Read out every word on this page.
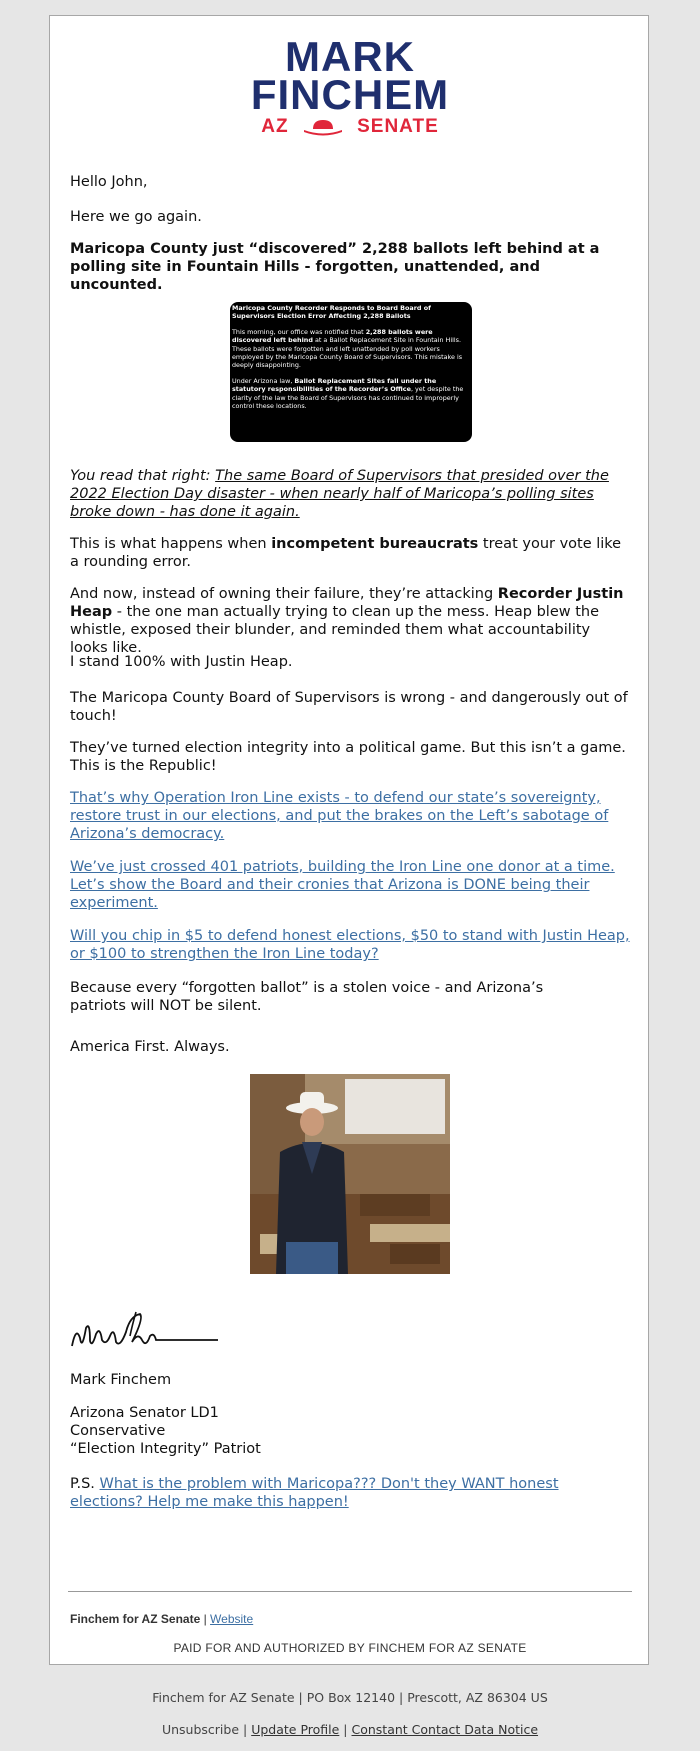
MARK
FINCHEM
AZ	SENATE

Hello John,

Here we go again.

Maricopa County just “discovered” 2,288 ballots left behind at a polling site in Fountain Hills - forgotten, unattended, and uncounted.

Maricopa County Recorder Responds to Board Board of Supervisors Election Error Affecting 2,288 Ballots

This morning, our office was notified that 2,288 ballots were discovered left behind at a Ballot Replacement Site in Fountain Hills. These ballots were forgotten and left unattended by poll workers employed by the Maricopa County Board of Supervisors. This mistake is deeply disappointing.

Under Arizona law, Ballot Replacement Sites fall under the statutory responsibilities of the Recorder’s Office, yet despite the clarity of the law the Board of Supervisors has continued to improperly control these locations.

You read that right: The same Board of Supervisors that presided over the 2022 Election Day disaster - when nearly half of Maricopa’s polling sites broke down - has done it again.

This is what happens when incompetent bureaucrats treat your vote like a rounding error.

And now, instead of owning their failure, they’re attacking Recorder Justin Heap - the one man actually trying to clean up the mess. Heap blew the whistle, exposed their blunder, and reminded them what accountability looks like.

I stand 100% with Justin Heap.

The Maricopa County Board of Supervisors is wrong - and dangerously out of touch!

They’ve turned election integrity into a political game. But this isn’t a game. This is the Republic!

That’s why Operation Iron Line exists - to defend our state’s sovereignty, restore trust in our elections, and put the brakes on the Left’s sabotage of Arizona’s democracy.

We’ve just crossed 401 patriots, building the Iron Line one donor at a time. Let’s show the Board and their cronies that Arizona is DONE being their experiment.

Will you chip in $5 to defend honest elections, $50 to stand with Justin Heap, or $100 to strengthen the Iron Line today?

Because every “forgotten ballot” is a stolen voice - and Arizona’s patriots will NOT be silent.

America First. Always.

Mark Finchem

Arizona Senator LD1

Conservative

“Election Integrity” Patriot

P.S. What is the problem with Maricopa??? Don't they WANT honest elections? Help me make this happen!

Finchem for AZ Senate | Website
PAID FOR AND AUTHORIZED BY FINCHEM FOR AZ SENATE
Finchem for AZ Senate | PO Box 12140 | Prescott, AZ 86304 US
Unsubscribe | Update Profile | Constant Contact Data Notice
